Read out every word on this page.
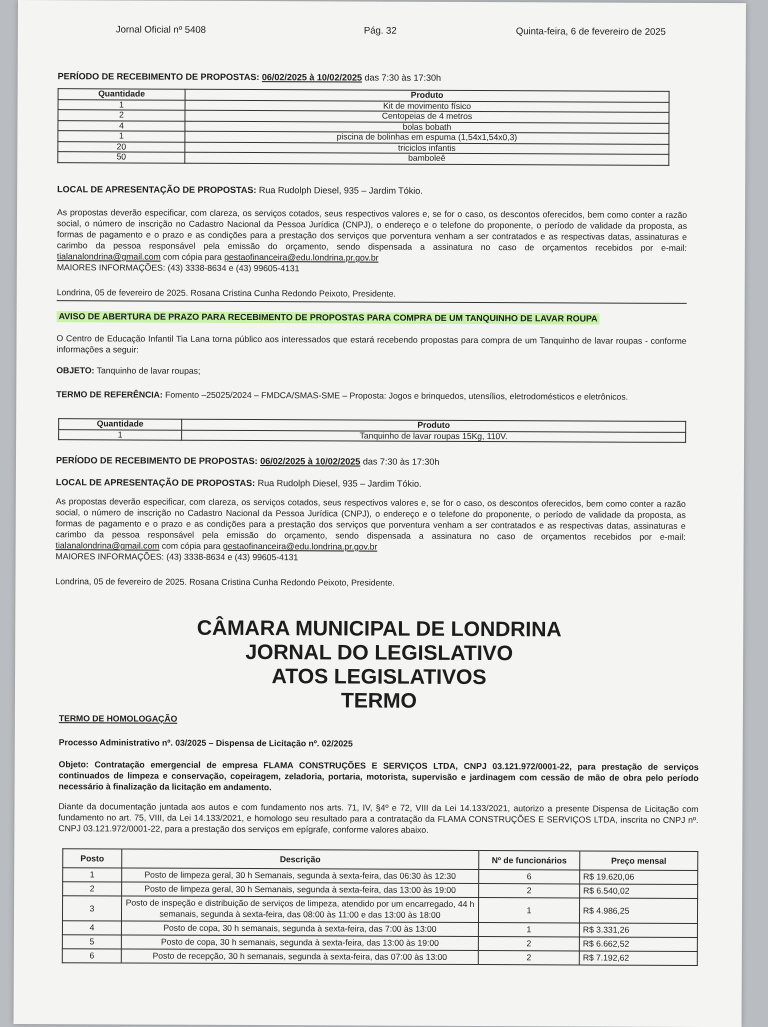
Jornal Oficial nº 5408	Pág. 32	Quinta-feira, 6 de fevereiro de 2025
PERÍODO DE RECEBIMENTO DE PROPOSTAS: 06/02/2025 à 10/02/2025 das 7:30 às 17:30h
Quantidade	Produto
1	Kit de movimento físico
2	Centopeias de 4 metros
4	bolas bobath
1	piscina de bolinhas em espuma (1,54x1,54x0,3)
20	triciclos infantis
50	bamboleê
LOCAL DE APRESENTAÇÃO DE PROPOSTAS: Rua Rudolph Diesel, 935 – Jardim Tókio.
As propostas deverão especificar, com clareza, os serviços cotados, seus respectivos valores e, se for o caso, os descontos oferecidos, bem como conter a razão social, o número de inscrição no Cadastro Nacional da Pessoa Jurídica (CNPJ), o endereço e o telefone do proponente, o período de validade da proposta, as formas de pagamento e o prazo e as condições para a prestação dos serviços que porventura venham a ser contratados e as respectivas datas, assinaturas e carimbo da pessoa responsável pela emissão do orçamento, sendo dispensada a assinatura no caso de orçamentos recebidos por e-mail: tialanalondrina@gmail.com com cópia para gestaofinanceira@edu.londrina.pr.gov.br
MAIORES INFORMAÇÕES: (43) 3338-8634 e (43) 99605-4131
Londrina, 05 de fevereiro de 2025. Rosana Cristina Cunha Redondo Peixoto, Presidente.
AVISO DE ABERTURA DE PRAZO PARA RECEBIMENTO DE PROPOSTAS PARA COMPRA DE UM TANQUINHO DE LAVAR ROUPA
O Centro de Educação Infantil Tia Lana torna público aos interessados que estará recebendo propostas para compra de um Tanquinho de lavar roupas - conforme informações a seguir:
OBJETO: Tanquinho de lavar roupas;
TERMO DE REFERÊNCIA: Fomento –25025/2024 – FMDCA/SMAS-SME – Proposta: Jogos e brinquedos, utensílios, eletrodomésticos e eletrônicos.
Quantidade	Produto
1	Tanquinho de lavar roupas 15Kg, 110V.
PERÍODO DE RECEBIMENTO DE PROPOSTAS: 06/02/2025 à 10/02/2025 das 7:30 às 17:30h
LOCAL DE APRESENTAÇÃO DE PROPOSTAS: Rua Rudolph Diesel, 935 – Jardim Tókio.
As propostas deverão especificar, com clareza, os serviços cotados, seus respectivos valores e, se for o caso, os descontos oferecidos, bem como conter a razão social, o número de inscrição no Cadastro Nacional da Pessoa Jurídica (CNPJ), o endereço e o telefone do proponente, o período de validade da proposta, as formas de pagamento e o prazo e as condições para a prestação dos serviços que porventura venham a ser contratados e as respectivas datas, assinaturas e carimbo da pessoa responsável pela emissão do orçamento, sendo dispensada a assinatura no caso de orçamentos recebidos por e-mail: tialanalondrina@gmail.com com cópia para gestaofinanceira@edu.londrina.pr.gov.br
MAIORES INFORMAÇÕES: (43) 3338-8634 e (43) 99605-4131
Londrina, 05 de fevereiro de 2025. Rosana Cristina Cunha Redondo Peixoto, Presidente.
CÂMARA MUNICIPAL DE LONDRINA
JORNAL DO LEGISLATIVO
ATOS LEGISLATIVOS
TERMO
TERMO DE HOMOLOGAÇÃO
Processo Administrativo nº. 03/2025 – Dispensa de Licitação nº. 02/2025
Objeto: Contratação emergencial de empresa FLAMA CONSTRUÇÕES E SERVIÇOS LTDA, CNPJ 03.121.972/0001-22, para prestação de serviços continuados de limpeza e conservação, copeiragem, zeladoria, portaria, motorista, supervisão e jardinagem com cessão de mão de obra pelo período necessário à finalização da licitação em andamento.
Diante da documentação juntada aos autos e com fundamento nos arts. 71, IV, §4º e 72, VIII da Lei 14.133/2021, autorizo a presente Dispensa de Licitação com fundamento no art. 75, VIII, da Lei 14.133/2021, e homologo seu resultado para a contratação da FLAMA CONSTRUÇÕES E SERVIÇOS LTDA, inscrita no CNPJ nº. CNPJ 03.121.972/0001-22, para a prestação dos serviços em epígrafe, conforme valores abaixo.
Posto	Descrição	Nº de funcionários	Preço mensal
1	Posto de limpeza geral, 30 h Semanais, segunda à sexta-feira, das 06:30 às 12:30	6	R$ 19.620,06
2	Posto de limpeza geral, 30 h Semanais, segunda à sexta-feira, das 13:00 às 19:00	2	R$ 6.540,02
3	Posto de inspeção e distribuição de serviços de limpeza, atendido por um encarregado, 44 h semanais, segunda à sexta-feira, das 08:00 às 11:00 e das 13:00 às 18:00	1	R$ 4.986,25
4	Posto de copa, 30 h semanais, segunda à sexta-feira, das 7:00 às 13:00	1	R$ 3.331,26
5	Posto de copa, 30 h semanais, segunda à sexta-feira, das 13:00 às 19:00	2	R$ 6.662,52
6	Posto de recepção, 30 h semanais, segunda à sexta-feira, das 07:00 às 13:00	2	R$ 7.192,62
